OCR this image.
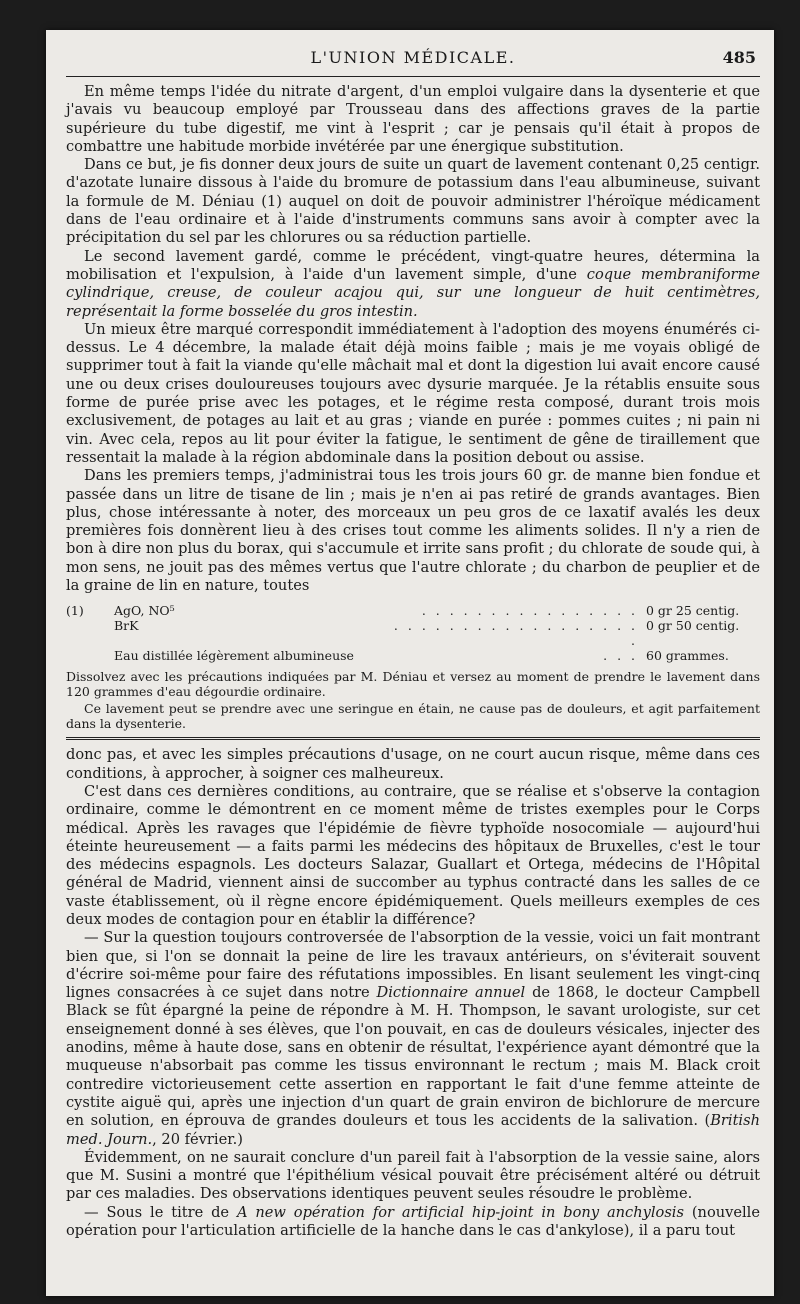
L'UNION MÉDICALE.	485

En même temps l'idée du nitrate d'argent, d'un emploi vulgaire dans la dysenterie et que j'avais vu beaucoup employé par Trousseau dans des affections graves de la partie supérieure du tube digestif, me vint à l'esprit ; car je pensais qu'il était à propos de combattre une habitude morbide invétérée par une énergique substitution.

Dans ce but, je fis donner deux jours de suite un quart de lavement contenant 0,25 centigr. d'azotate lunaire dissous à l'aide du bromure de potassium dans l'eau albumineuse, suivant la formule de M. Déniau (1) auquel on doit de pouvoir administrer l'héroïque médicament dans de l'eau ordinaire et à l'aide d'instruments communs sans avoir à compter avec la précipitation du sel par les chlorures ou sa réduction partielle.

Le second lavement gardé, comme le précédent, vingt-quatre heures, détermina la mobilisation et l'expulsion, à l'aide d'un lavement simple, d'une coque membraniforme cylindrique, creuse, de couleur acajou qui, sur une longueur de huit centimètres, représentait la forme bosselée du gros intestin.

Un mieux être marqué correspondit immédiatement à l'adoption des moyens énumérés ci-dessus. Le 4 décembre, la malade était déjà moins faible ; mais je me voyais obligé de supprimer tout à fait la viande qu'elle mâchait mal et dont la digestion lui avait encore causé une ou deux crises douloureuses toujours avec dysurie marquée. Je la rétablis ensuite sous forme de purée prise avec les potages, et le régime resta composé, durant trois mois exclusivement, de potages au lait et au gras ; viande en purée : pommes cuites ; ni pain ni vin. Avec cela, repos au lit pour éviter la fatigue, le sentiment de gêne de tiraillement que ressentait la malade à la région abdominale dans la position debout ou assise.

Dans les premiers temps, j'administrai tous les trois jours 60 gr. de manne bien fondue et passée dans un litre de tisane de lin ; mais je n'en ai pas retiré de grands avantages. Bien plus, chose intéressante à noter, des morceaux un peu gros de ce laxatif avalés les deux premières fois donnèrent lieu à des crises tout comme les aliments solides. Il n'y a rien de bon à dire non plus du borax, qui s'accumule et irrite sans profit ; du chlorate de soude qui, à mon sens, ne jouit pas des mêmes vertus que l'autre chlorate ; du charbon de peuplier et de la graine de lin en nature, toutes

(1)	AgO, NO⁵	. . . . . . . . . . . . . . . .	0 gr 25 centig.
	BrK	. . . . . . . . . . . . . . . . . . .	0 gr 50 centig.
	Eau distillée légèrement albumineuse	. . .	60 grammes.

Dissolvez avec les précautions indiquées par M. Déniau et versez au moment de prendre le lavement dans 120 grammes d'eau dégourdie ordinaire.

Ce lavement peut se prendre avec une seringue en étain, ne cause pas de douleurs, et agit parfaitement dans la dysenterie.

donc pas, et avec les simples précautions d'usage, on ne court aucun risque, même dans ces conditions, à approcher, à soigner ces malheureux.

C'est dans ces dernières conditions, au contraire, que se réalise et s'observe la contagion ordinaire, comme le démontrent en ce moment même de tristes exemples pour le Corps médical. Après les ravages que l'épidémie de fièvre typhoïde nosocomiale — aujourd'hui éteinte heureusement — a faits parmi les médecins des hôpitaux de Bruxelles, c'est le tour des médecins espagnols. Les docteurs Salazar, Guallart et Ortega, médecins de l'Hôpital général de Madrid, viennent ainsi de succomber au typhus contracté dans les salles de ce vaste établissement, où il règne encore épidémiquement. Quels meilleurs exemples de ces deux modes de contagion pour en établir la différence?

— Sur la question toujours controversée de l'absorption de la vessie, voici un fait montrant bien que, si l'on se donnait la peine de lire les travaux antérieurs, on s'éviterait souvent d'écrire soi-même pour faire des réfutations impossibles. En lisant seulement les vingt-cinq lignes consacrées à ce sujet dans notre Dictionnaire annuel de 1868, le docteur Campbell Black se fût épargné la peine de répondre à M. H. Thompson, le savant urologiste, sur cet enseignement donné à ses élèves, que l'on pouvait, en cas de douleurs vésicales, injecter des anodins, même à haute dose, sans en obtenir de résultat, l'expérience ayant démontré que la muqueuse n'absorbait pas comme les tissus environnant le rectum ; mais M. Black croit contredire victorieusement cette assertion en rapportant le fait d'une femme atteinte de cystite aiguë qui, après une injection d'un quart de grain environ de bichlorure de mercure en solution, en éprouva de grandes douleurs et tous les accidents de la salivation. (British med. Journ., 20 février.)

Évidemment, on ne saurait conclure d'un pareil fait à l'absorption de la vessie saine, alors que M. Susini a montré que l'épithélium vésical pouvait être précisément altéré ou détruit par ces maladies. Des observations identiques peuvent seules résoudre le problème.

— Sous le titre de A new opération for artificial hip-joint in bony anchylosis (nouvelle opération pour l'articulation artificielle de la hanche dans le cas d'ankylose), il a paru tout
